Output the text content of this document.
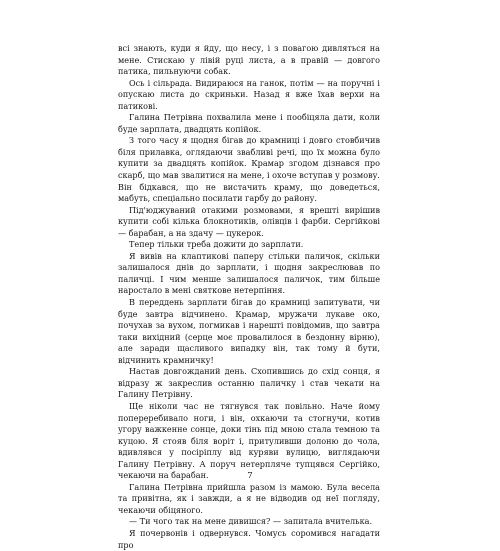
всі знають, куди я йду, що несу, і з повагою дивляться на мене. Стискаю у лівій руці листа, а в правій — довгого патика, пильнуючи собак.

Ось і сільрада. Видираюся на ганок, потім — на поручні і опускаю листа до скриньки. Назад я вже їхав верхи на патикові.

Галина Петрівна похвалила мене і пообіцяла дати, коли буде зарплата, двадцять копійок.

З того часу я щодня бігав до крамниці і довго стовбичив біля прилавка, оглядаючи звабливі речі, що їх можна було купити за двадцять копійок. Крамар згодом дізнався про скарб, що мав звалитися на мене, і охоче вступав у розмову. Він бідкався, що не вистачить краму, що доведеться, мабуть, спеціально посилати гарбу до району.

Під'юджуваний отакими розмовами, я врешті вирішив купити собі кілька блокнотиків, олівців і фарби. Сергійкові — барабан, а на здачу — цукерок.

Тепер тільки треба дожити до зарплати.

Я вивів на клаптикові паперу стільки паличок, скільки залишалося днів до зарплати, і щодня закреслював по паличці. І чим менше залишалося паличок, тим більше наростало в мені святкове нетерпіння.

В переддень зарплати бігав до крамниці запитувати, чи буде завтра відчинено. Крамар, мружачи лукаве око, почухав за вухом, погмикав і нарешті повідомив, що завтра таки вихідний (серце моє провалилося в бездонну вірню), але заради щасливого випадку він, так тому й бути, відчинить крамничку!

Настав довгожданий день. Схопившись до схід сонця, я відразу ж закреслив останню паличку і став чекати на Галину Петрівну.

Ще ніколи час не тягнувся так повільно. Наче йому попереребивало ноги, і він, охкаючи та стогнучи, котив угору важкенне сонце, доки тінь під мною стала темною та куцою. Я стояв біля воріт і, притуливши долоню до чола, вдивлявся у посіріплу від куряви вулицю, виглядаючи Галину Петрівну. А поруч нетерпляче тупцявся Сергійко, чекаючи на барабан.

Галина Петрівна прийшла разом із мамою. Була весела та привітна, як і завжди, а я не відводив од неї погляду, чекаючи обіцяного.

— Ти чого так на мене дивишся? — запитала вчителька.

Я почервонів і одвернувся. Чомусь соромився нагадати про

7
